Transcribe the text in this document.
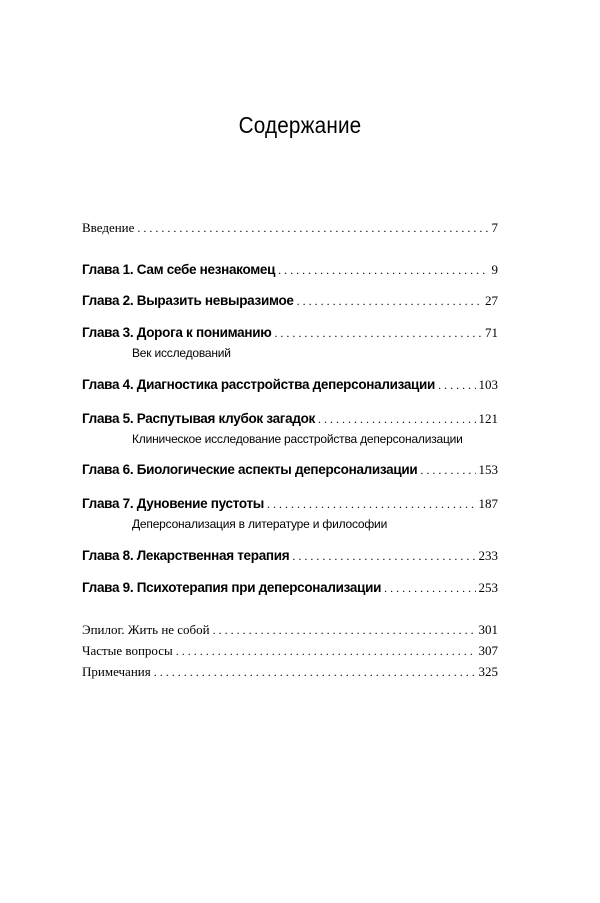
Содержание
Введение . . .	7
Глава 1. Сам себе незнакомец . . .	9
Глава 2. Выразить невыразимое . . .	27
Глава 3. Дорога к пониманию . . .	71
Век исследований
Глава 4. Диагностика расстройства деперсонализации . . .	103
Глава 5. Распутывая клубок загадок . . .	121
Клиническое исследование расстройства деперсонализации
Глава 6. Биологические аспекты деперсонализации . . .	153
Глава 7. Дуновение пустоты . . .	187
Деперсонализация в литературе и философии
Глава 8. Лекарственная терапия . . .	233
Глава 9. Психотерапия при деперсонализации . . .	253
Эпилог. Жить не собой . . .	301
Частые вопросы . . .	307
Примечания . . .	325
